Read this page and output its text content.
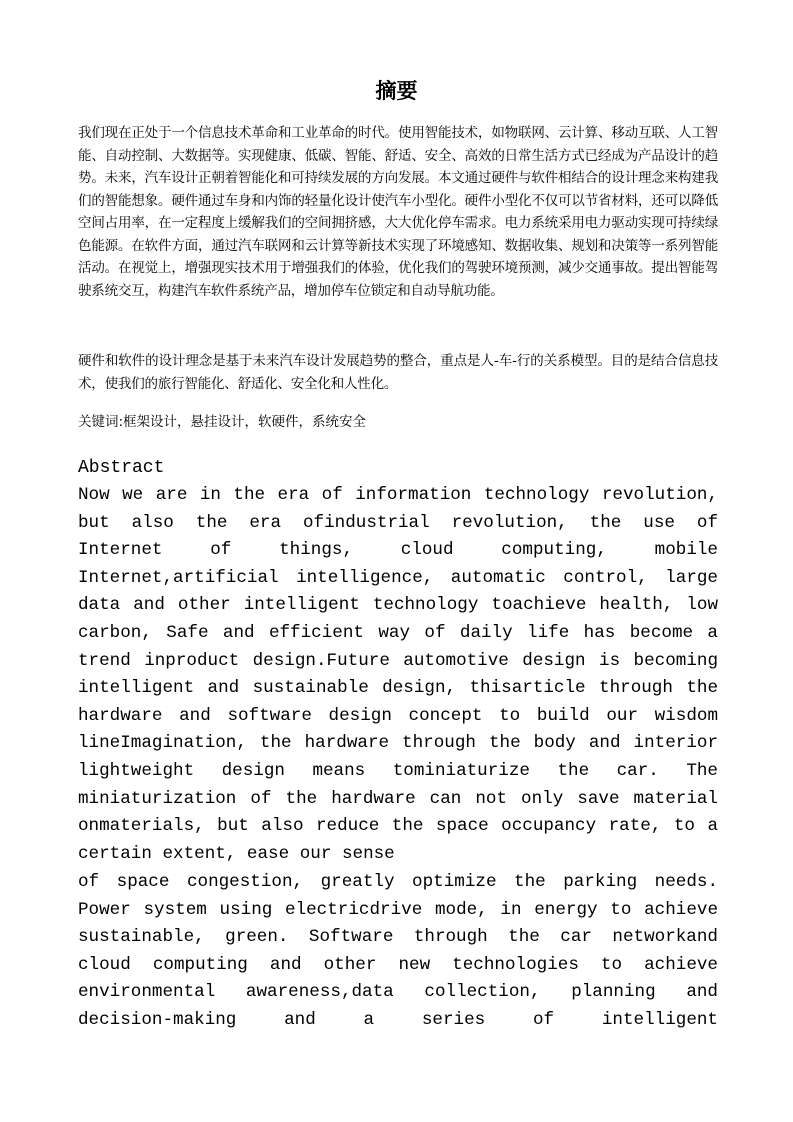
摘要

我们现在正处于一个信息技术革命和工业革命的时代。使用智能技术，如物联网、云计算、移动互联、人工智能、自动控制、大数据等。实现健康、低碳、智能、舒适、安全、高效的日常生活方式已经成为产品设计的趋势。未来，汽车设计正朝着智能化和可持续发展的方向发展。本文通过硬件与软件相结合的设计理念来构建我们的智能想象。硬件通过车身和内饰的轻量化设计使汽车小型化。硬件小型化不仅可以节省材料，还可以降低空间占用率，在一定程度上缓解我们的空间拥挤感，大大优化停车需求。电力系统采用电力驱动实现可持续绿色能源。在软件方面，通过汽车联网和云计算等新技术实现了环境感知、数据收集、规划和决策等一系列智能活动。在视觉上，增强现实技术用于增强我们的体验，优化我们的驾驶环境预测，减少交通事故。提出智能驾驶系统交互，构建汽车软件系统产品，增加停车位锁定和自动导航功能。

硬件和软件的设计理念是基于未来汽车设计发展趋势的整合，重点是人-车-行的关系模型。目的是结合信息技术，使我们的旅行智能化、舒适化、安全化和人性化。

关键词:框架设计，悬挂设计，软硬件，系统安全

Abstract

Now we are in the era of information technology revolution, but also the era ofindustrial revolution, the use of Internet of things, cloud computing, mobile Internet,artificial intelligence, automatic control, large data and other intelligent technology toachieve health, low carbon, Safe and efficient way of daily life has become a trend inproduct design.Future automotive design is becoming intelligent and sustainable design, thisarticle through the hardware and software design concept to build our wisdom lineImagination, the hardware through the body and interior lightweight design means tominiaturize the car. The miniaturization of the hardware can not only save material onmaterials, but also reduce the space occupancy rate, to a certain extent, ease our sense

of space congestion, greatly optimize the parking needs. Power system using electricdrive mode, in energy to achieve sustainable, green. Software through the car networkand cloud computing and other new technologies to achieve environmental awareness,data collection, planning and decision-making and a series of intelligent
